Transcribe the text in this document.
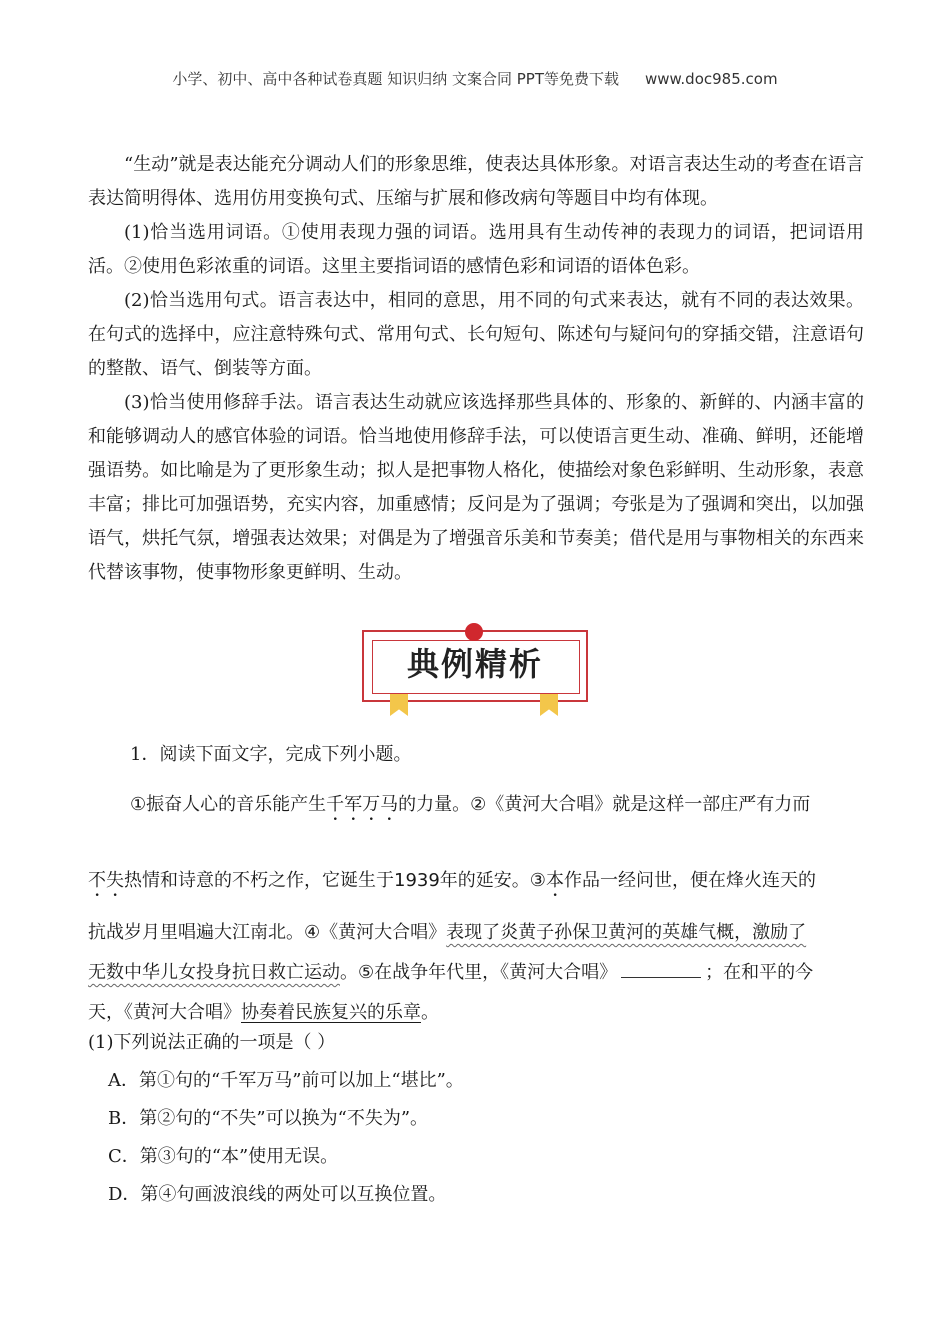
小学、初中、高中各种试卷真题 知识归纳 文案合同 PPT等免费下载 www.doc985.com

“生动”就是表达能充分调动人们的形象思维，使表达具体形象。对语言表达生动的考查在语言表达简明得体、选用仿用变换句式、压缩与扩展和修改病句等题目中均有体现。

(1)恰当选用词语。①使用表现力强的词语。选用具有生动传神的表现力的词语，把词语用活。②使用色彩浓重的词语。这里主要指词语的感情色彩和词语的语体色彩。

(2)恰当选用句式。语言表达中，相同的意思，用不同的句式来表达，就有不同的表达效果。在句式的选择中，应注意特殊句式、常用句式、长句短句、陈述句与疑问句的穿插交错，注意语句的整散、语气、倒装等方面。

(3)恰当使用修辞手法。语言表达生动就应该选择那些具体的、形象的、新鲜的、内涵丰富的和能够调动人的感官体验的词语。恰当地使用修辞手法，可以使语言更生动、准确、鲜明，还能增强语势。如比喻是为了更形象生动；拟人是把事物人格化，使描绘对象色彩鲜明、生动形象，表意丰富；排比可加强语势，充实内容，加重感情；反问是为了强调；夸张是为了强调和突出，以加强语气，烘托气氛，增强表达效果；对偶是为了增强音乐美和节奏美；借代是用与事物相关的东西来代替该事物，使事物形象更鲜明、生动。

典例精析
1．阅读下面文字，完成下列小题。
①振奋人心的音乐能产生千军万马的力量。②《黄河大合唱》就是这样一部庄严有力而
不失热情和诗意的不朽之作，它诞生于1939年的延安。③本作品一经问世，便在烽火连天的
抗战岁月里唱遍大江南北。④《黄河大合唱》表现了炎黄子孙保卫黄河的英雄气概，激励了
无数中华儿女投身抗日救亡运动。⑤在战争年代里，《黄河大合唱》	；在和平的今
天，《黄河大合唱》协奏着民族复兴的乐章。
(1)下列说法正确的一项是（ ）
A．第①句的“千军万马”前可以加上“堪比”。
B．第②句的“不失”可以换为“不失为”。
C．第③句的“本”使用无误。
D．第④句画波浪线的两处可以互换位置。
